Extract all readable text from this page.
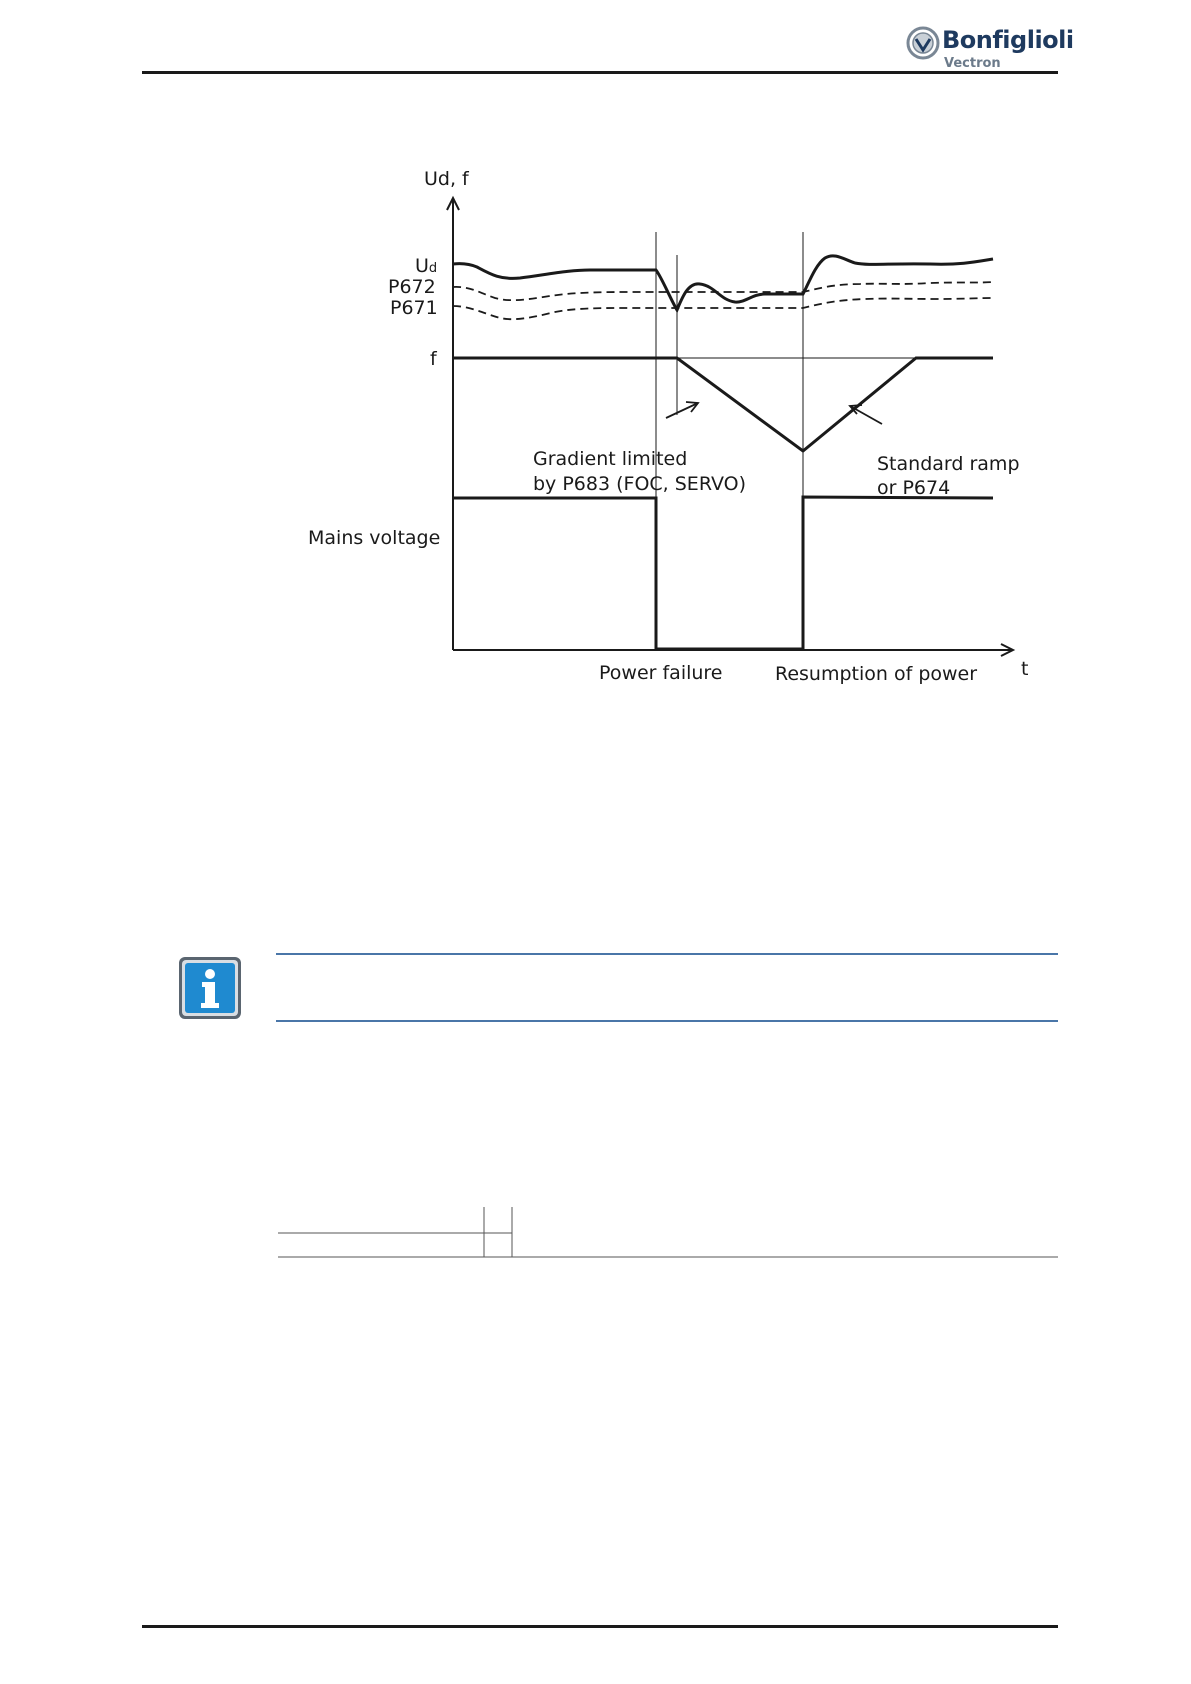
Bonfiglioli
Vectron
Ud, f
Ud
P672
P671
f
Mains voltage
Gradient limited
by P683 (FOC, SERVO)
Standard ramp
or P674
Power failure	Resumption of power t
